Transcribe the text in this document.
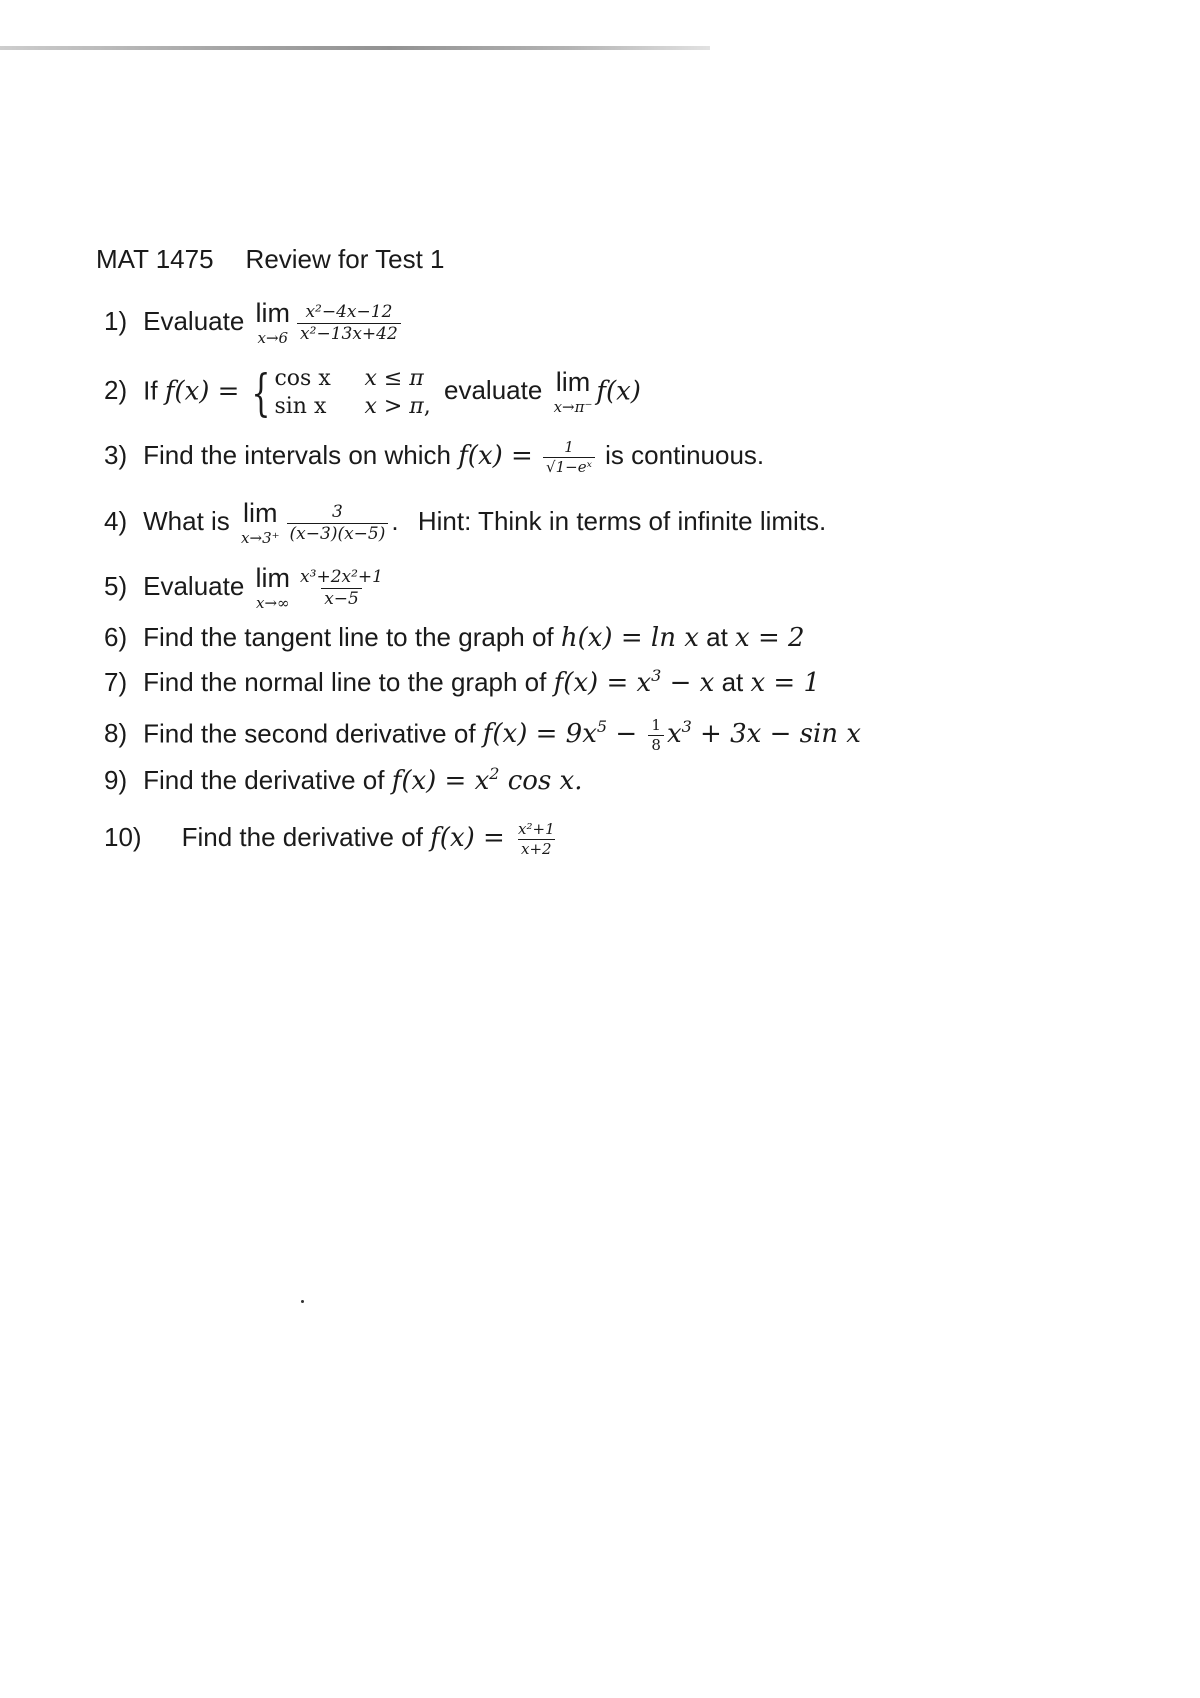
MAT 1475 Review for Test 1
1) Evaluate lim
$x\to 6 \frac{\text{x²−4x−12}}{\text{x²−13x+42}}$
2) If f(x) = { cos x x ≤ π
sin x x > π,
evaluate lim
x→π⁻
f(x)
3) Find the intervals on which $f(x) = \frac{1}{\text{√1−eˣ}}$ is continuous.
4) What is lim
$x\to 3^+ \frac{3}{(x-3)(x-5)}$ . Hint: Think in terms of infinite limits.
5) Evaluate lim
$x\to\infty \frac{\text{x³+2x²+1}}{x-5}$
6) Find the tangent line to the graph of h(x) = ln x at x = 2
7) Find the normal line to the graph of $f(x) = x^3 - x$ at x = 1
8) Find the second derivative of $f(x) = 9x^5 - \frac{1}{8} x^3 + 3x - \sin x$
9) Find the derivative of $f(x) = x^2$ cos x.
10) Find the derivative of $f(x) = \frac{\text{x²+1}}{x+2}$
